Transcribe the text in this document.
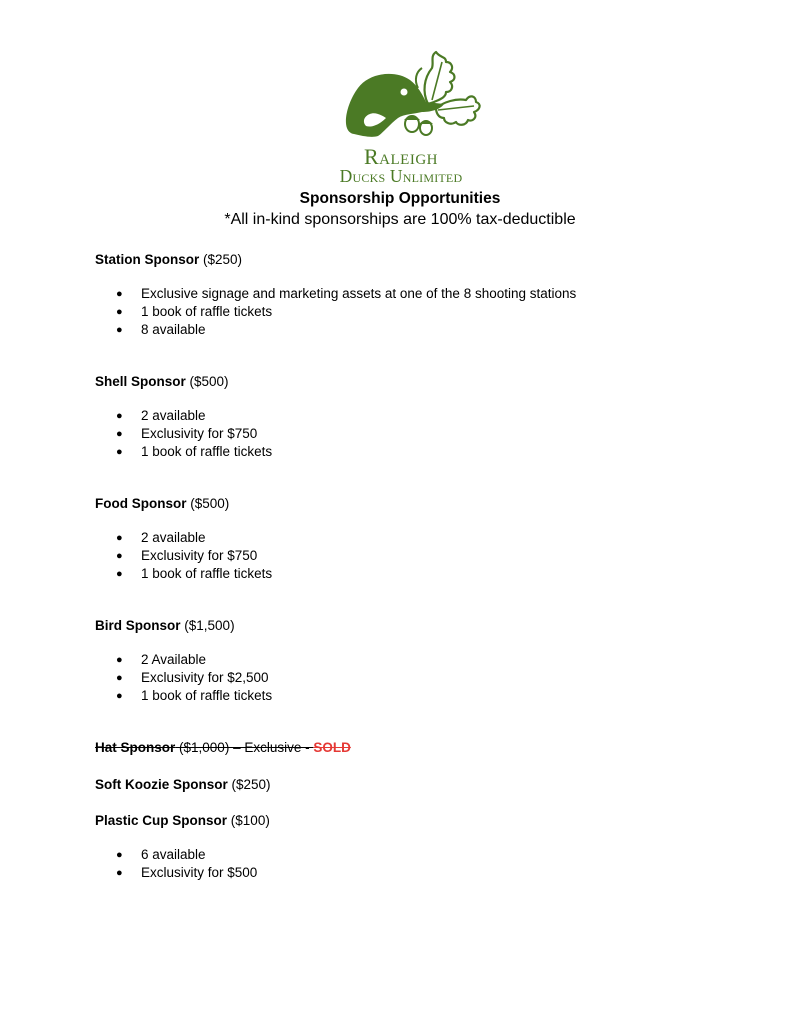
Raleigh
Ducks Unlimited
Sponsorship Opportunities
*All in-kind sponsorships are 100% tax-deductible
Station Sponsor ($250)
● Exclusive signage and marketing assets at one of the 8 shooting stations
● 1 book of raffle tickets
● 8 available
Shell Sponsor ($500)
● 2 available
● Exclusivity for $750
● 1 book of raffle tickets
Food Sponsor ($500)
● 2 available
● Exclusivity for $750
● 1 book of raffle tickets
Bird Sponsor ($1,500)
● 2 Available
● Exclusivity for $2,500
● 1 book of raffle tickets
Hat Sponsor ($1,000) – Exclusive - SOLD
Soft Koozie Sponsor ($250)
Plastic Cup Sponsor ($100)
● 6 available
● Exclusivity for $500
